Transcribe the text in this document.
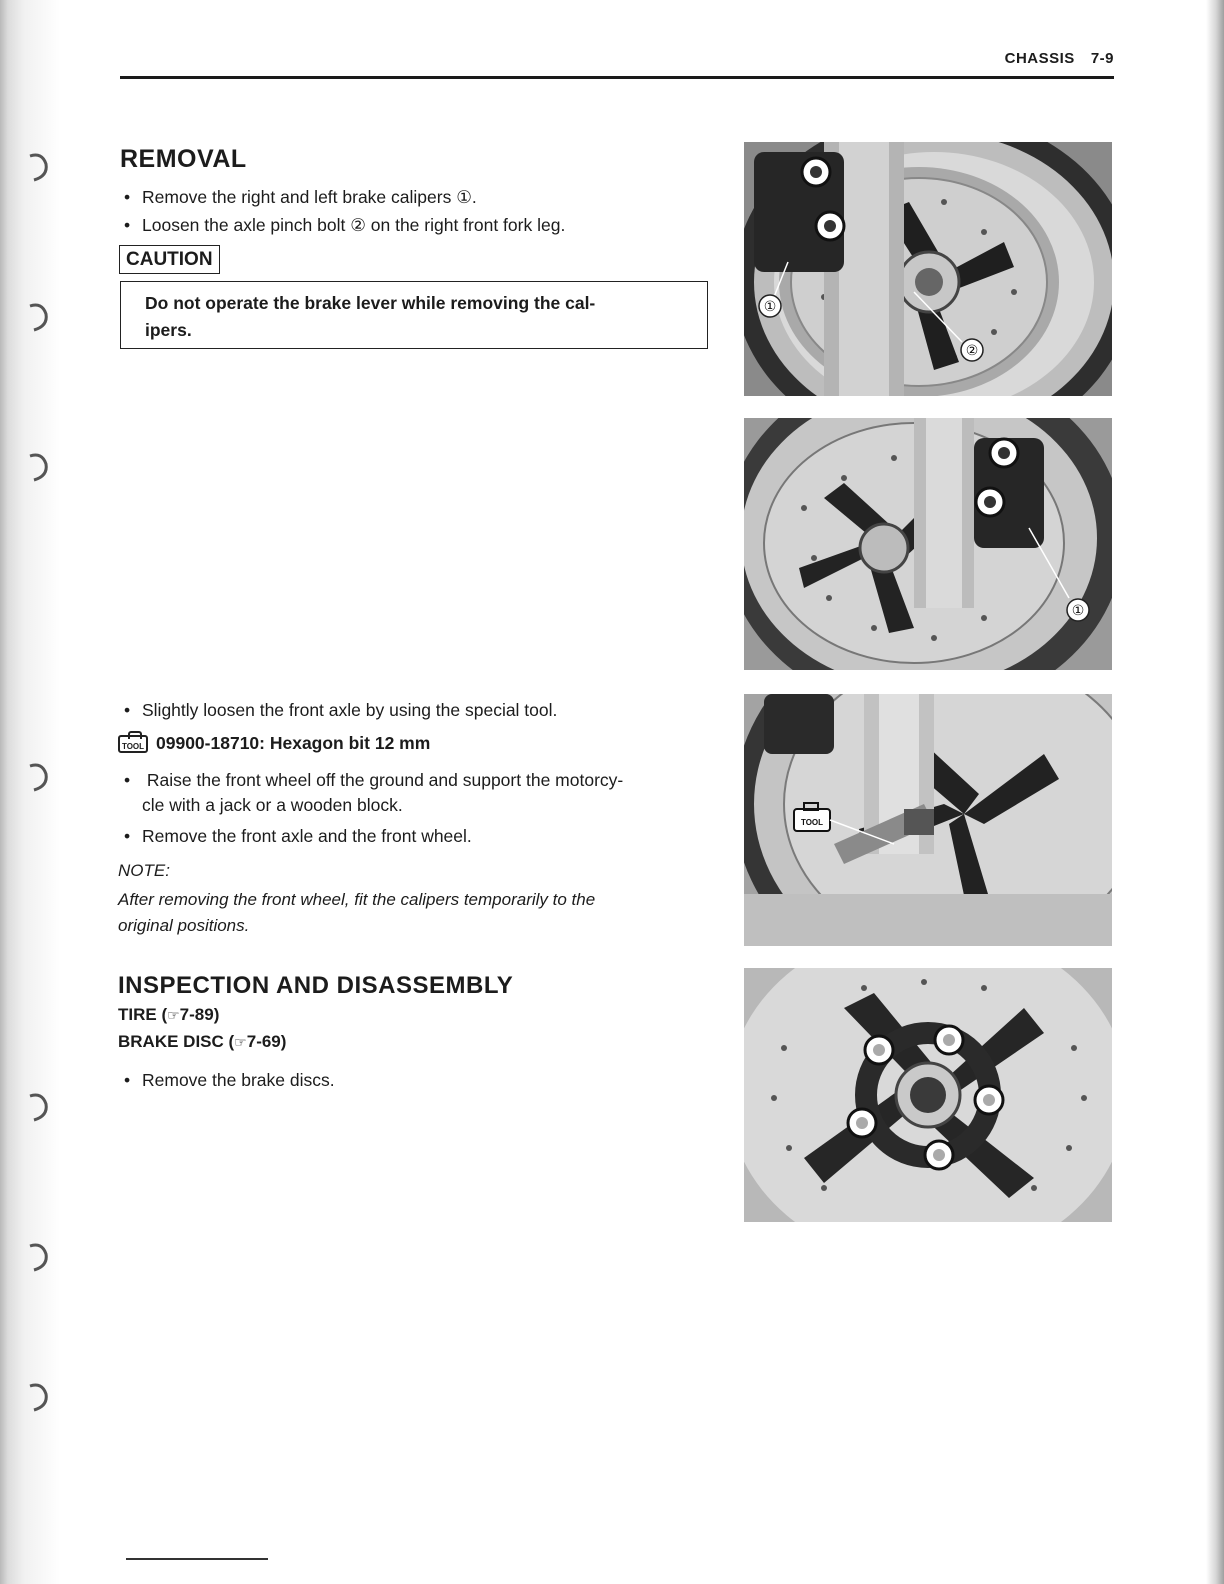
CHASSIS 7-9
REMOVAL
• Remove the right and left brake calipers ①.
• Loosen the axle pinch bolt ② on the right front fork leg.
CAUTION
Do not operate the brake lever while removing the cal-
ipers.
• Slightly loosen the front axle by using the special tool.
TOOL 09900-18710: Hexagon bit 12 mm
• Raise the front wheel off the ground and support the motorcy-
cle with a jack or a wooden block.
• Remove the front axle and the front wheel.
NOTE:
After removing the front wheel, fit the calipers temporarily to the
original positions.
INSPECTION AND DISASSEMBLY
TIRE (☞7-89)
BRAKE DISC (☞7-69)
• Remove the brake discs.
①
②
①
TOOL
